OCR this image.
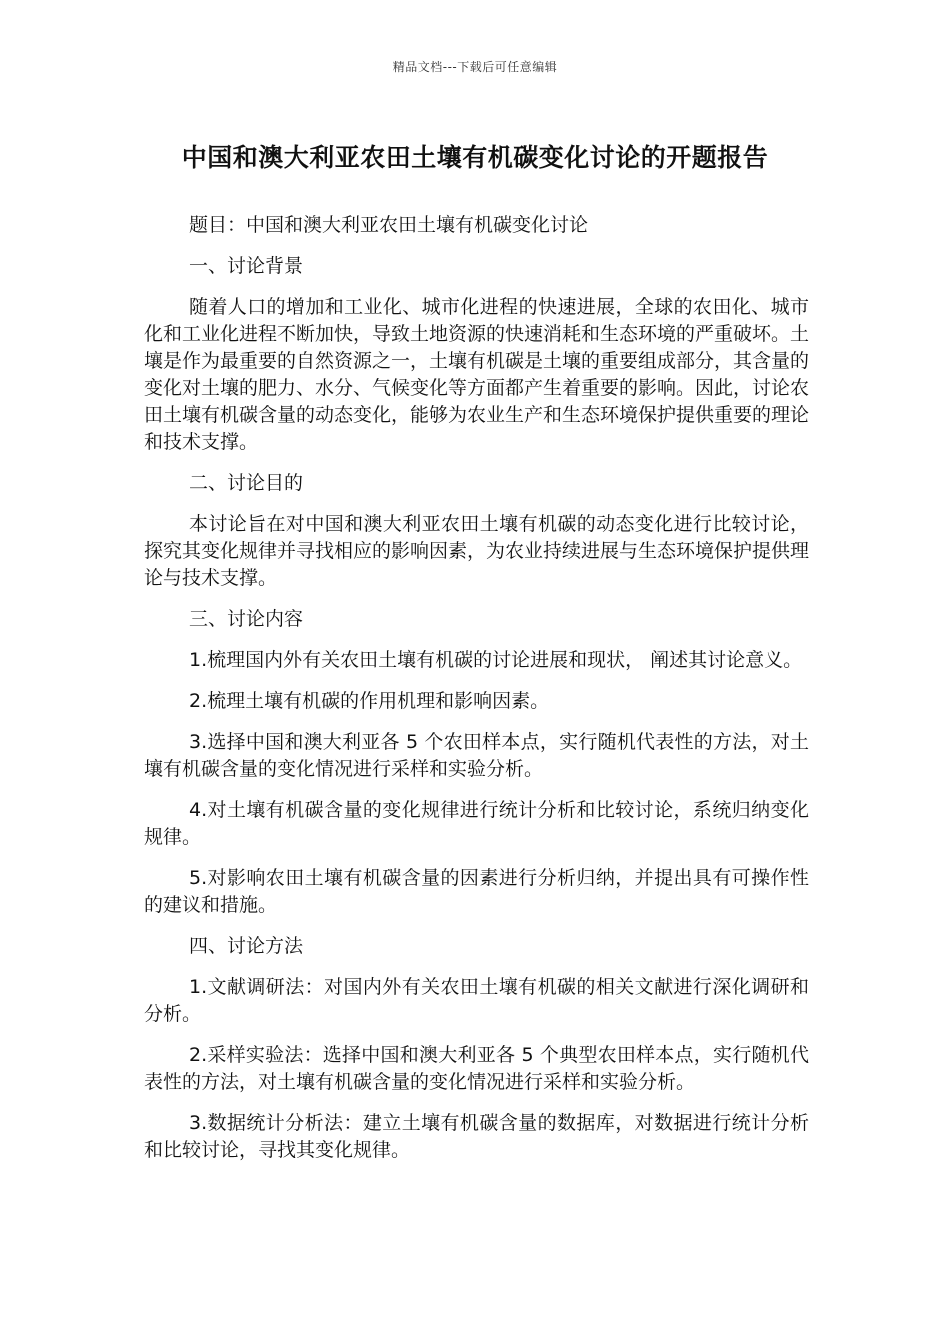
精品文档---下载后可任意编辑
中国和澳大利亚农田土壤有机碳变化讨论的开题报告

题目：中国和澳大利亚农田土壤有机碳变化讨论

一、讨论背景

随着人口的增加和工业化、城市化进程的快速进展，全球的农田化、城市化和工业化进程不断加快，导致土地资源的快速消耗和生态环境的严重破坏。土壤是作为最重要的自然资源之一，土壤有机碳是土壤的重要组成部分，其含量的变化对土壤的肥力、水分、气候变化等方面都产生着重要的影响。因此，讨论农田土壤有机碳含量的动态变化，能够为农业生产和生态环境保护提供重要的理论和技术支撑。

二、讨论目的

本讨论旨在对中国和澳大利亚农田土壤有机碳的动态变化进行比较讨论，探究其变化规律并寻找相应的影响因素，为农业持续进展与生态环境保护提供理论与技术支撑。

三、讨论内容

1.梳理国内外有关农田土壤有机碳的讨论进展和现状， 阐述其讨论意义。

2.梳理土壤有机碳的作用机理和影响因素。

3.选择中国和澳大利亚各 5 个农田样本点，实行随机代表性的方法，对土壤有机碳含量的变化情况进行采样和实验分析。

4.对土壤有机碳含量的变化规律进行统计分析和比较讨论，系统归纳变化规律。

5.对影响农田土壤有机碳含量的因素进行分析归纳，并提出具有可操作性的建议和措施。

四、讨论方法

1.文献调研法：对国内外有关农田土壤有机碳的相关文献进行深化调研和分析。

2.采样实验法：选择中国和澳大利亚各 5 个典型农田样本点，实行随机代表性的方法，对土壤有机碳含量的变化情况进行采样和实验分析。

3.数据统计分析法：建立土壤有机碳含量的数据库，对数据进行统计分析和比较讨论，寻找其变化规律。
